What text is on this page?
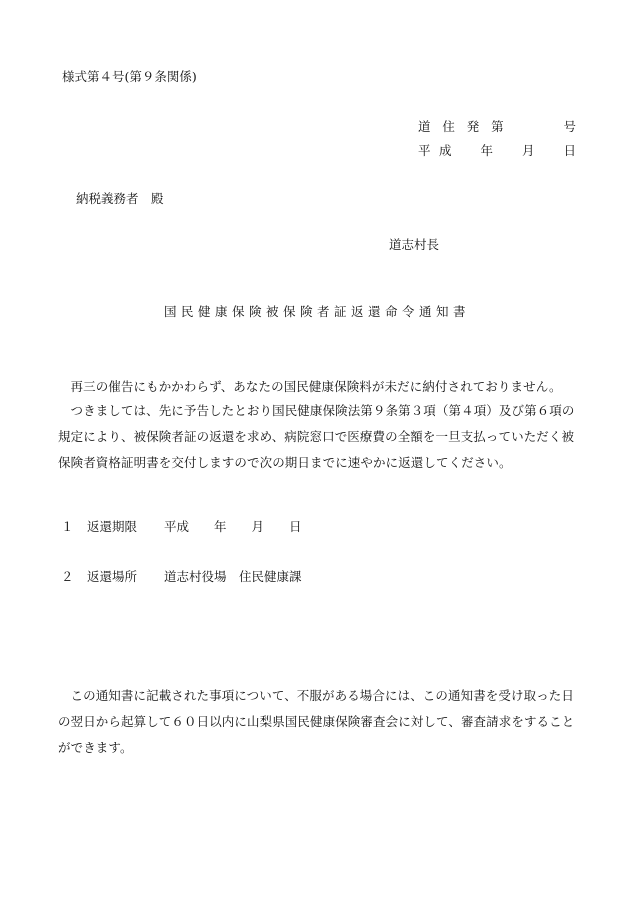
様式第４号(第９条関係)
道 住 発 第	号
平 成 年 月 日
納税義務者　殿
道志村長
国民健康保険被保険者証返還命令通知書

再三の催告にもかかわらず、あなたの国民健康保険料が未だに納付されておりません。

つきましては、先に予告したとおり国民健康保険法第９条第３項（第４項）及び第６項の規定により、被保険者証の返還を求め、病院窓口で医療費の全額を一旦支払っていただく被保険者資格証明書を交付しますので次の期日までに速やかに返還してください。

１	返還期限	平成　　年　　月　　日
２	返還場所	道志村役場　住民健康課

この通知書に記載された事項について、不服がある場合には、この通知書を受け取った日の翌日から起算して６０日以内に山梨県国民健康保険審査会に対して、審査請求をすることができます。
